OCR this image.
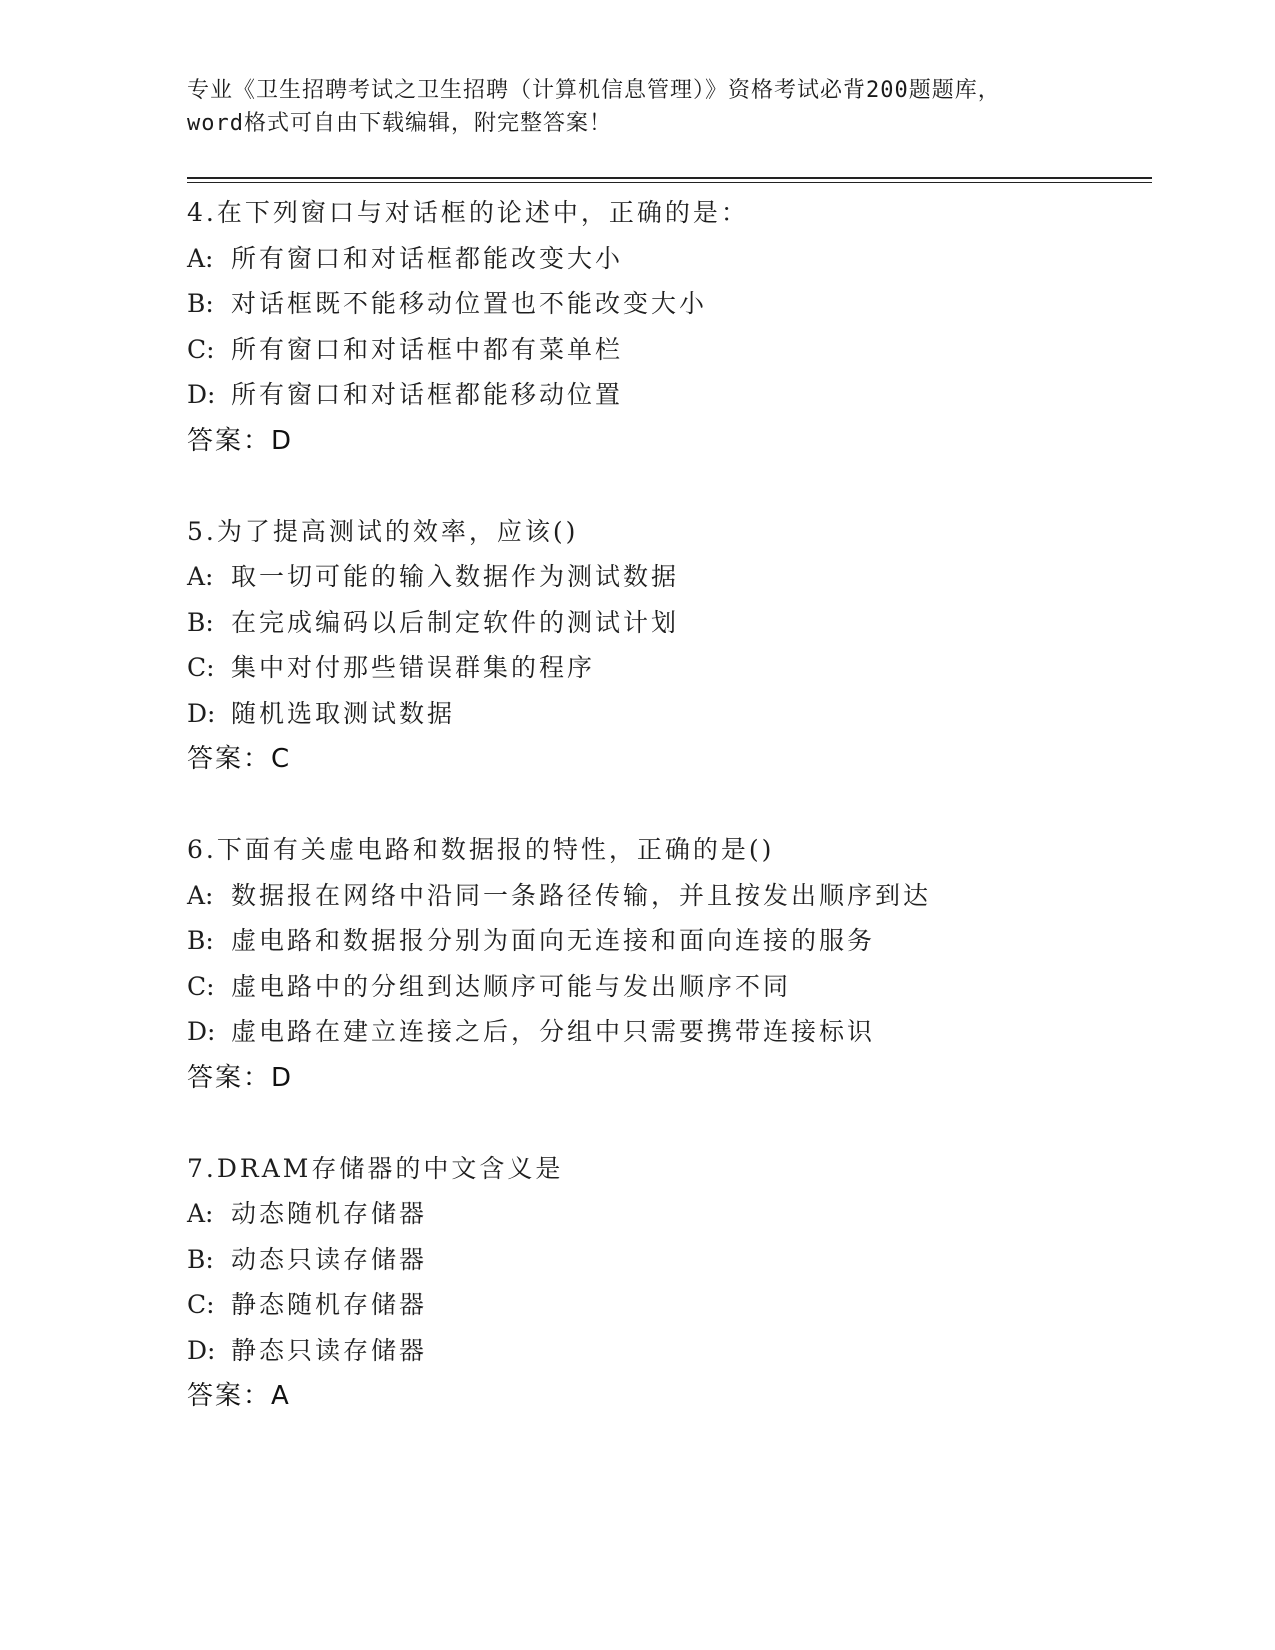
专业《卫生招聘考试之卫生招聘（计算机信息管理）》资格考试必背200题题库，
word格式可自由下载编辑，附完整答案！
4.在下列窗口与对话框的论述中，正确的是：
A: 所有窗口和对话框都能改变大小
B: 对话框既不能移动位置也不能改变大小
C: 所有窗口和对话框中都有菜单栏
D: 所有窗口和对话框都能移动位置
答案：D
5.为了提高测试的效率，应该()
A: 取一切可能的输入数据作为测试数据
B: 在完成编码以后制定软件的测试计划
C: 集中对付那些错误群集的程序
D: 随机选取测试数据
答案：C
6.下面有关虚电路和数据报的特性，正确的是()
A: 数据报在网络中沿同一条路径传输，并且按发出顺序到达
B: 虚电路和数据报分别为面向无连接和面向连接的服务
C: 虚电路中的分组到达顺序可能与发出顺序不同
D: 虚电路在建立连接之后，分组中只需要携带连接标识
答案：D
7.DRAM存储器的中文含义是
A: 动态随机存储器
B: 动态只读存储器
C: 静态随机存储器
D: 静态只读存储器
答案：A
